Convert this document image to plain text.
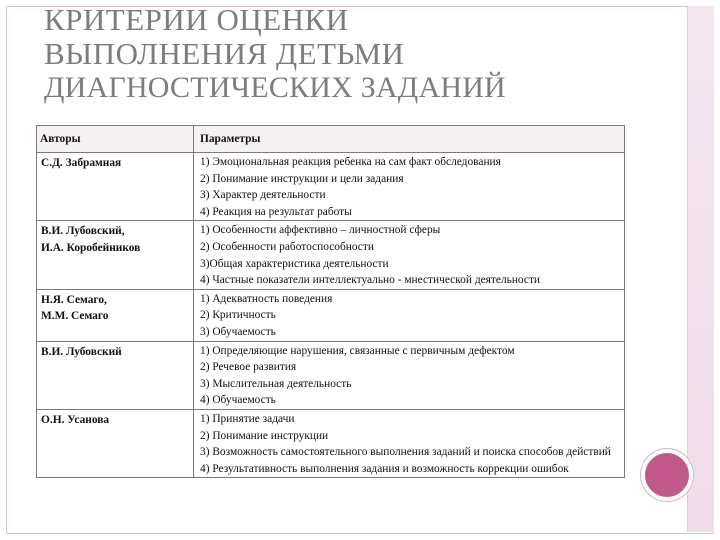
КРИТЕРИИ ОЦЕНКИ
ВЫПОЛНЕНИЯ ДЕТЬМИ
ДИАГНОСТИЧЕСКИХ ЗАДАНИЙ
Авторы	Параметры

С.Д. Забрамная	1) Эмоциональная реакция ребенка на сам факт обследования
2) Понимание инструкции и цели задания
3) Характер деятельности
4) Реакция на результат работы

В.И. Лубовский,
И.А. Коробейников	1) Особенности аффективно – личностной сферы
2) Особенности работоспособности
3)Общая характеристика деятельности
4) Частные показатели интеллектуально - мнестической деятельности

Н.Я. Семаго,
М.М. Семаго	1) Адекватность поведения
2) Критичность
3) Обучаемость

В.И. Лубовский	1) Определяющие нарушения, связанные с первичным дефектом
2) Речевое развития
3) Мыслительная деятельность
4) Обучаемость

О.Н. Усанова	1) Принятие задачи
2) Понимание инструкции
3) Возможность самостоятельного выполнения заданий и поиска способов действий
4) Результативность выполнения задания и возможность коррекции ошибок
